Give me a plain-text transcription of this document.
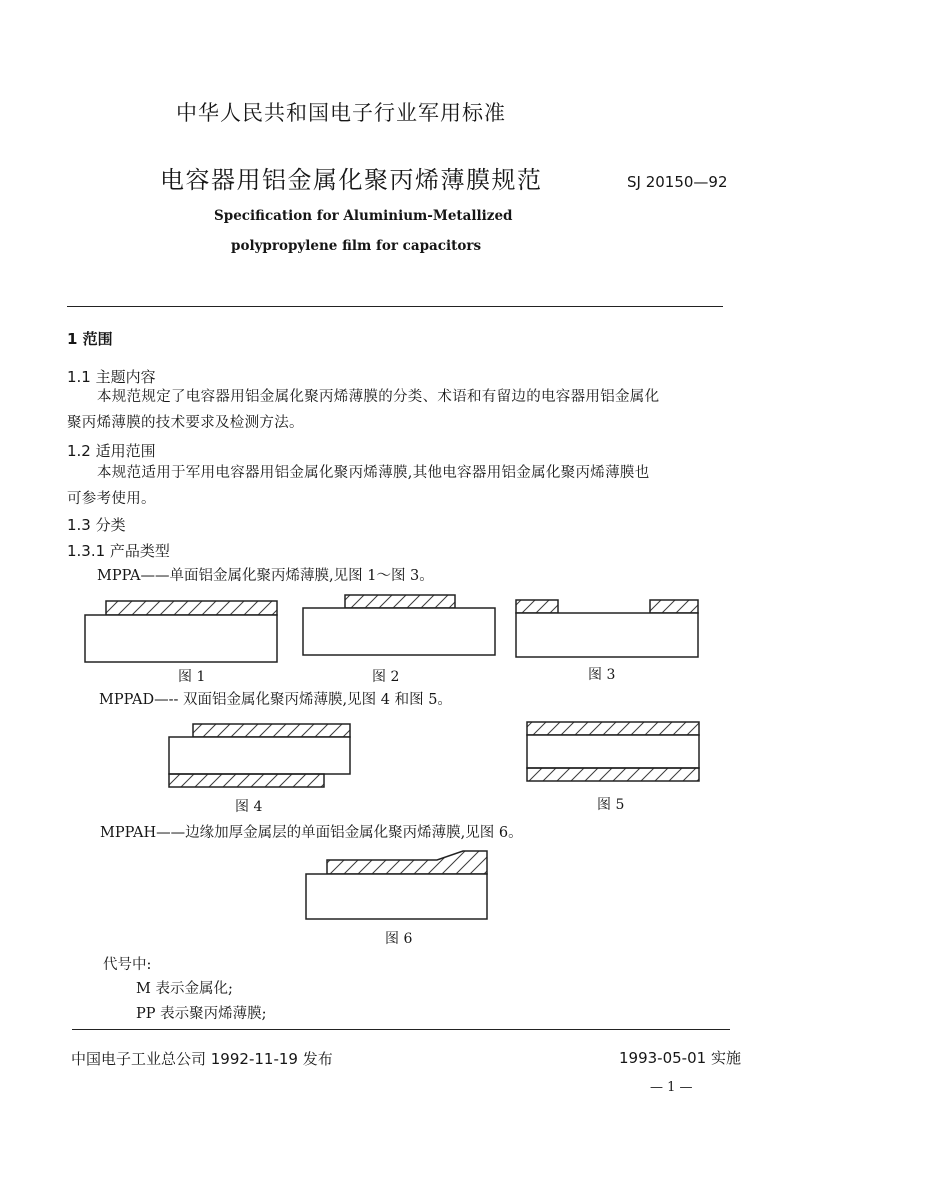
中华人民共和国电子行业军用标准
电容器用铝金属化聚丙烯薄膜规范	SJ 20150—92
Specification for Aluminium-Metallized
polypropylene film for capacitors
1 范围
1.1 主题内容
本规范规定了电容器用铝金属化聚丙烯薄膜的分类、术语和有留边的电容器用铝金属化
聚丙烯薄膜的技术要求及检测方法。
1.2 适用范围
本规范适用于军用电容器用铝金属化聚丙烯薄膜,其他电容器用铝金属化聚丙烯薄膜也
可参考使用。
1.3 分类
1.3.1 产品类型
MPPA——单面铝金属化聚丙烯薄膜,见图 1～图 3。
图 1	图 2	图 3
MPPAD—-- 双面铝金属化聚丙烯薄膜,见图 4 和图 5。
图 4	图 5
MPPAH——边缘加厚金属层的单面铝金属化聚丙烯薄膜,见图 6。
图 6
代号中:
M 表示金属化;
PP 表示聚丙烯薄膜;
中国电子工业总公司 1992-11-19 发布	1993-05-01 实施
— 1 —
